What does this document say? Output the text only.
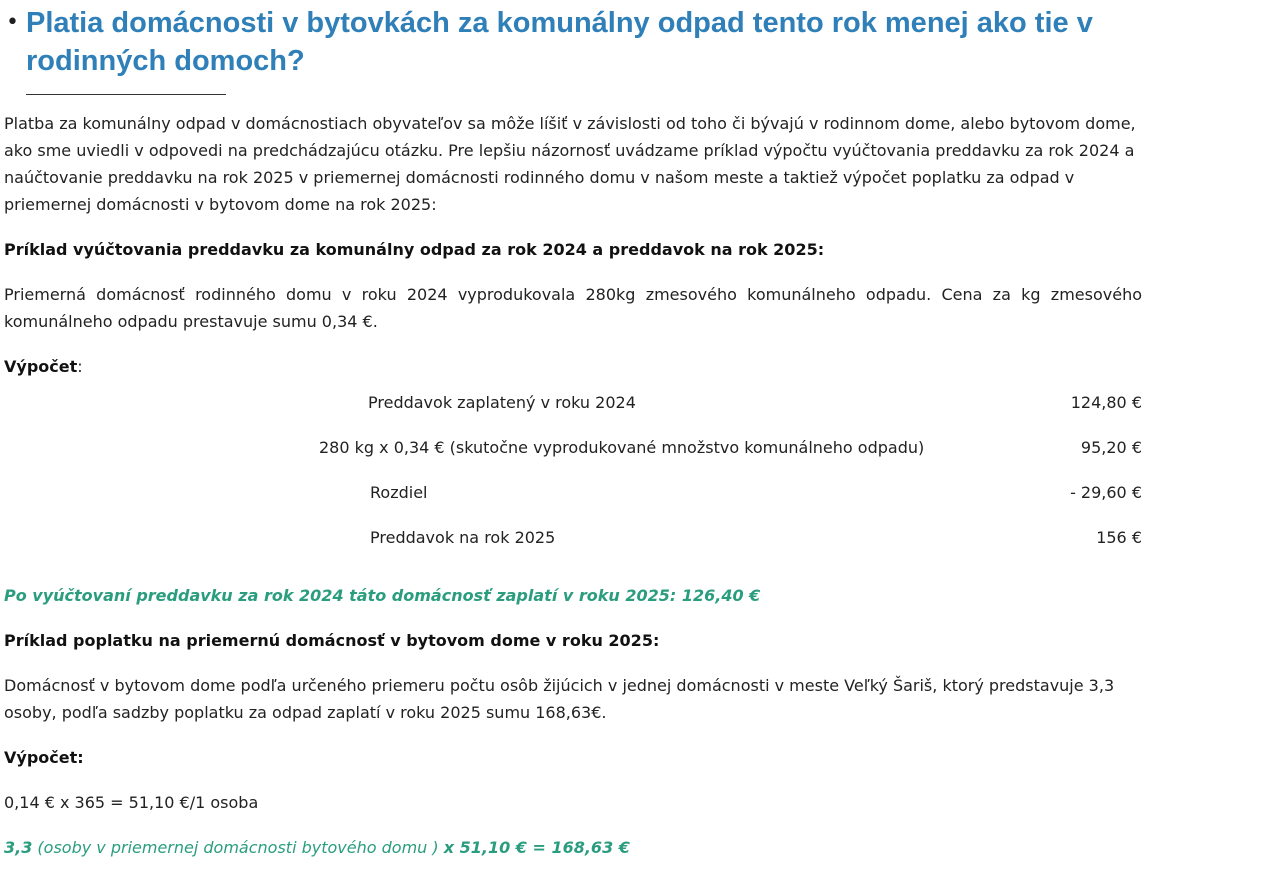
• Platia domácnosti v bytovkách za komunálny odpad tento rok menej ako tie v rodinných domoch?

Platba za komunálny odpad v domácnostiach obyvateľov sa môže líšiť v závislosti od toho či bývajú v rodinnom dome, alebo bytovom dome, ako sme uviedli v odpovedi na predchádzajúcu otázku. Pre lepšiu názornosť uvádzame príklad výpočtu vyúčtovania preddavku za rok 2024 a naúčtovanie preddavku na rok 2025 v priemernej domácnosti rodinného domu v našom meste a taktiež výpočet poplatku za odpad v priemernej domácnosti v bytovom dome na rok 2025:

Príklad vyúčtovania preddavku za komunálny odpad za rok 2024 a preddavok na rok 2025:

Priemerná domácnosť rodinného domu v roku 2024 vyprodukovala 280kg zmesového komunálneho odpadu. Cena za kg zmesového komunálneho odpadu prestavuje sumu 0,34 €.

Výpočet:

Preddavok zaplatený v roku 2024	124,80 €
280 kg x 0,34 € (skutočne vyprodukované množstvo komunálneho odpadu)	95,20 €
Rozdiel	- 29,60 €
Preddavok na rok 2025	156 €

Po vyúčtovaní preddavku za rok 2024 táto domácnosť zaplatí v roku 2025: 126,40 €

Príklad poplatku na priemernú domácnosť v bytovom dome v roku 2025:

Domácnosť v bytovom dome podľa určeného priemeru počtu osôb žijúcich v jednej domácnosti v meste Veľký Šariš, ktorý predstavuje 3,3 osoby, podľa sadzby poplatku za odpad zaplatí v roku 2025 sumu 168,63€.

Výpočet:

0,14 € x 365 = 51,10 €/1 osoba

3,3 (osoby v priemernej domácnosti bytového domu ) x 51,10 € = 168,63 €
